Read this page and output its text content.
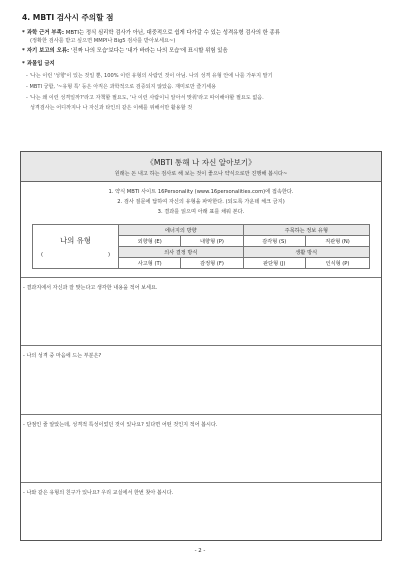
4. MBTI 검사시 주의할 점
* 과학 근거 부족: MBTI는 정식 심리학 검사가 아닌, 대중적으로 쉽게 다가갈 수 있는 성격유형 검사의 한 종류
(정확한 검사를 받고 싶으면 MMPI나 Big5 검사를 받아보세요~)
* 자기 보고의 오류: '진짜 나의 모습'보다는 '내가 바라는 나의 모습'에 표시할 위험 있음
* 과몰입 금지
- '나는 이런 '성향'이 있는 것일 뿐, 100% 이런 유형의 사람인 것이 아님. 나의 성격 유형 안에 나를 가두지 말기
- MBTI 궁합, '~유형 특' 등은 아직은 과학적으로 검증되지 않았음. 재미로만 즐기세용
- '나는 왜 이런 성격일까?'라고 자책할 필요도, '나 이런 사람이니 알아서 맞춰'라고 따이해야할 필요도 없음.
성격검사는 어디까지나 나 자신과 타인의 같은 이해를 위해서만 활용할 것
《MBTI 통해 나 자신 알아보기》
원래는 돈 내고 하는 검사로 해 보는 것이 좋으나 약식으로만 진행해 봅시다~
1. 약식 MBTI 사이트 16Personality (www.16personalities.com)에 접속한다.
2. 검사 질문에 답하여 자신의 유형을 파악한다. (되도록 가운데 체크 금지)
3. 결과를 읽으며 아래 표를 채워 본다.
나의 유형
( )	에너지의 방향		주목하는 정보 유형	
	외향형 (E)	내향형 (P)	감각형 (S)	직관형 (N)
	의사 결정 방식		생활 방식	
	사고형 (T)	감정형 (F)	판단형 (J)	인식형 (P)
- 결과지에서 자신과 잘 맞는다고 생각한 내용을 적어 보세요.
- 나의 성격 중 마음에 드는 부분은?
- 단점인 줄 알았는데, 성격적 특성이었던 것이 있나요? 있다면 어떤 것인지 적어 봅시다.
- 나와 같은 유형의 친구가 있나요? 우리 교실에서 한번 찾아 봅시다.
- 2 -
